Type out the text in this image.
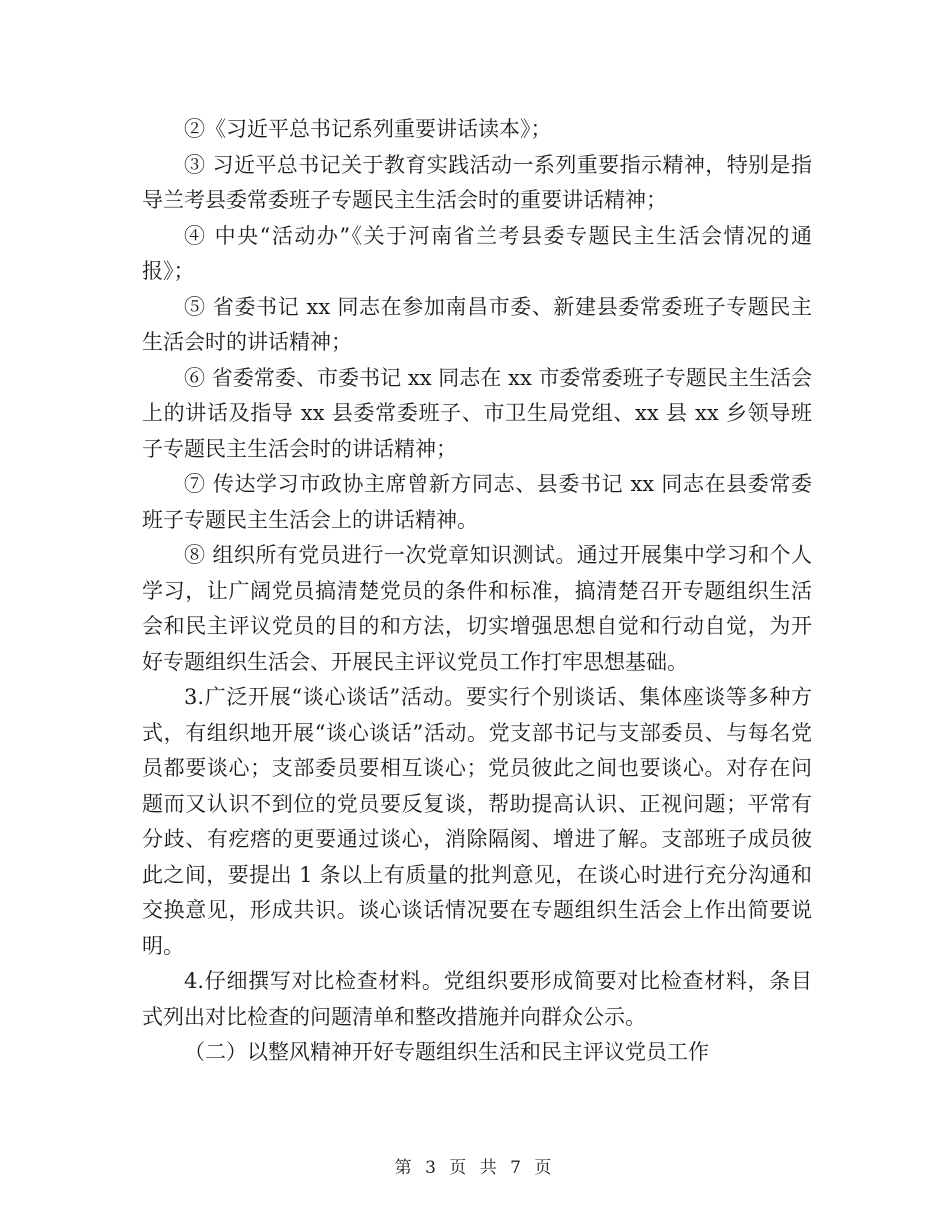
②《习近平总书记系列重要讲话读本》；

③ 习近平总书记关于教育实践活动一系列重要指示精神，特别是指导兰考县委常委班子专题民主生活会时的重要讲话精神；

④ 中央“活动办”《关于河南省兰考县委专题民主生活会情况的通报》；

⑤ 省委书记 xx 同志在参加南昌市委、新建县委常委班子专题民主生活会时的讲话精神；

⑥ 省委常委、市委书记 xx 同志在 xx 市委常委班子专题民主生活会上的讲话及指导 xx 县委常委班子、市卫生局党组、xx 县 xx 乡领导班子专题民主生活会时的讲话精神；

⑦ 传达学习市政协主席曾新方同志、县委书记 xx 同志在县委常委班子专题民主生活会上的讲话精神。

⑧ 组织所有党员进行一次党章知识测试。通过开展集中学习和个人学习，让广阔党员搞清楚党员的条件和标准，搞清楚召开专题组织生活会和民主评议党员的目的和方法，切实增强思想自觉和行动自觉，为开好专题组织生活会、开展民主评议党员工作打牢思想基础。

3.广泛开展“谈心谈话”活动。要实行个别谈话、集体座谈等多种方式，有组织地开展“谈心谈话”活动。党支部书记与支部委员、与每名党员都要谈心；支部委员要相互谈心；党员彼此之间也要谈心。对存在问题而又认识不到位的党员要反复谈，帮助提高认识、正视问题；平常有分歧、有疙瘩的更要通过谈心，消除隔阂、增进了解。支部班子成员彼此之间，要提出 1 条以上有质量的批判意见，在谈心时进行充分沟通和交换意见，形成共识。谈心谈话情况要在专题组织生活会上作出简要说明。

4.仔细撰写对比检查材料。党组织要形成简要对比检查材料，条目式列出对比检查的问题清单和整改措施并向群众公示。

（二）以整风精神开好专题组织生活和民主评议党员工作

第 3 页 共 7 页
